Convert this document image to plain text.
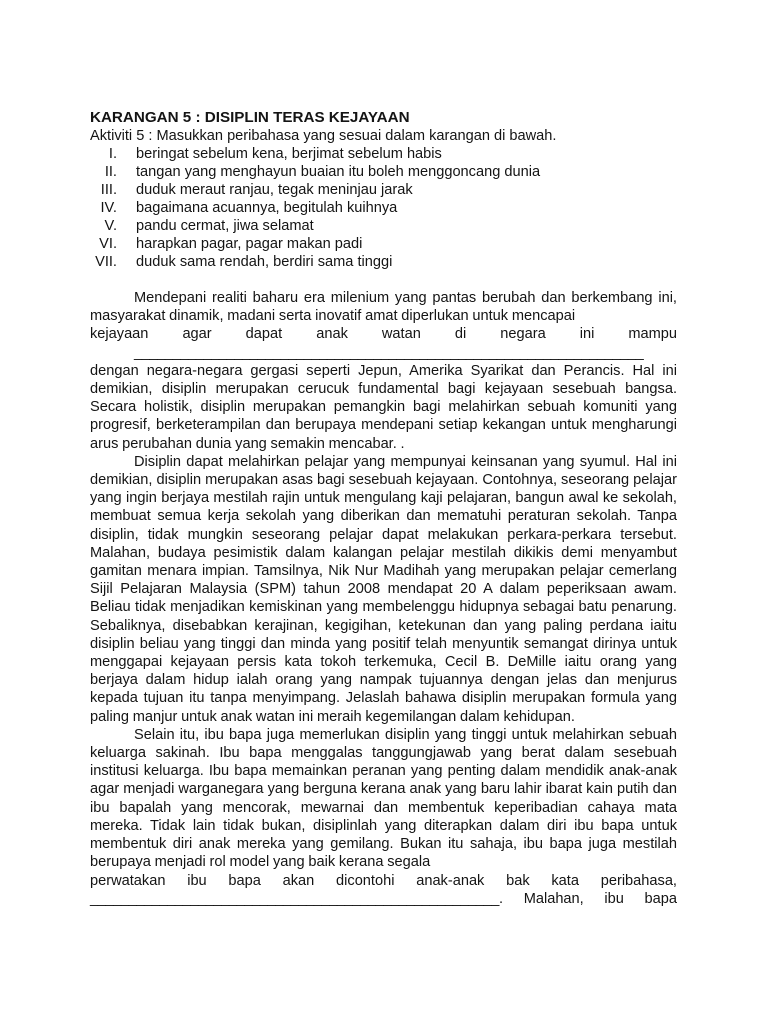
KARANGAN 5 : DISIPLIN TERAS KEJAYAAN

Aktiviti 5 : Masukkan peribahasa yang sesuai dalam karangan di bawah.

I.	beringat sebelum kena, berjimat sebelum habis
II.	tangan yang menghayun buaian itu boleh menggoncang dunia
III.	duduk meraut ranjau, tegak meninjau jarak
IV.	bagaimana acuannya, begitulah kuihnya
V.	pandu cermat, jiwa selamat
VI.	harapkan pagar, pagar makan padi
VII.	duduk sama rendah, berdiri sama tinggi
Mendepani realiti baharu era milenium yang pantas berubah dan berkembang ini, masyarakat dinamik, madani serta inovatif amat diperlukan untuk mencapai
kejayaan agar dapat anak watan di negara ini mampu
__________________________________________________________________
dengan negara-negara gergasi seperti Jepun, Amerika Syarikat dan Perancis. Hal ini demikian, disiplin merupakan cerucuk fundamental bagi kejayaan sesebuah bangsa. Secara holistik, disiplin merupakan pemangkin bagi melahirkan sebuah komuniti yang progresif, berketerampilan dan berupaya mendepani setiap kekangan untuk mengharungi arus perubahan dunia yang semakin mencabar. .

Disiplin dapat melahirkan pelajar yang mempunyai keinsanan yang syumul. Hal ini demikian, disiplin merupakan asas bagi sesebuah kejayaan. Contohnya, seseorang pelajar yang ingin berjaya mestilah rajin untuk mengulang kaji pelajaran, bangun awal ke sekolah, membuat semua kerja sekolah yang diberikan dan mematuhi peraturan sekolah. Tanpa disiplin, tidak mungkin seseorang pelajar dapat melakukan perkara-perkara tersebut. Malahan, budaya pesimistik dalam kalangan pelajar mestilah dikikis demi menyambut gamitan menara impian. Tamsilnya, Nik Nur Madihah yang merupakan pelajar cemerlang Sijil Pelajaran Malaysia (SPM) tahun 2008 mendapat 20 A dalam peperiksaan awam. Beliau tidak menjadikan kemiskinan yang membelenggu hidupnya sebagai batu penarung. Sebaliknya, disebabkan kerajinan, kegigihan, ketekunan dan yang paling perdana iaitu disiplin beliau yang tinggi dan minda yang positif telah menyuntik semangat dirinya untuk menggapai kejayaan persis kata tokoh terkemuka, Cecil B. DeMille iaitu orang yang berjaya dalam hidup ialah orang yang nampak tujuannya dengan jelas dan menjurus kepada tujuan itu tanpa menyimpang. Jelaslah bahawa disiplin merupakan formula yang paling manjur untuk anak watan ini meraih kegemilangan dalam kehidupan.

Selain itu, ibu bapa juga memerlukan disiplin yang tinggi untuk melahirkan sebuah keluarga sakinah. Ibu bapa menggalas tanggungjawab yang berat dalam sesebuah institusi keluarga. Ibu bapa memainkan peranan yang penting dalam mendidik anak-anak agar menjadi warganegara yang berguna kerana anak yang baru lahir ibarat kain putih dan ibu bapalah yang mencorak, mewarnai dan membentuk keperibadian cahaya mata mereka. Tidak lain tidak bukan, disiplinlah yang diterapkan dalam diri ibu bapa untuk membentuk diri anak mereka yang gemilang. Bukan itu sahaja, ibu bapa juga mestilah berupaya menjadi rol model yang baik kerana segala
perwatakan ibu bapa akan dicontohi anak-anak bak kata peribahasa,
_____________________________________________________. Malahan, ibu bapa
